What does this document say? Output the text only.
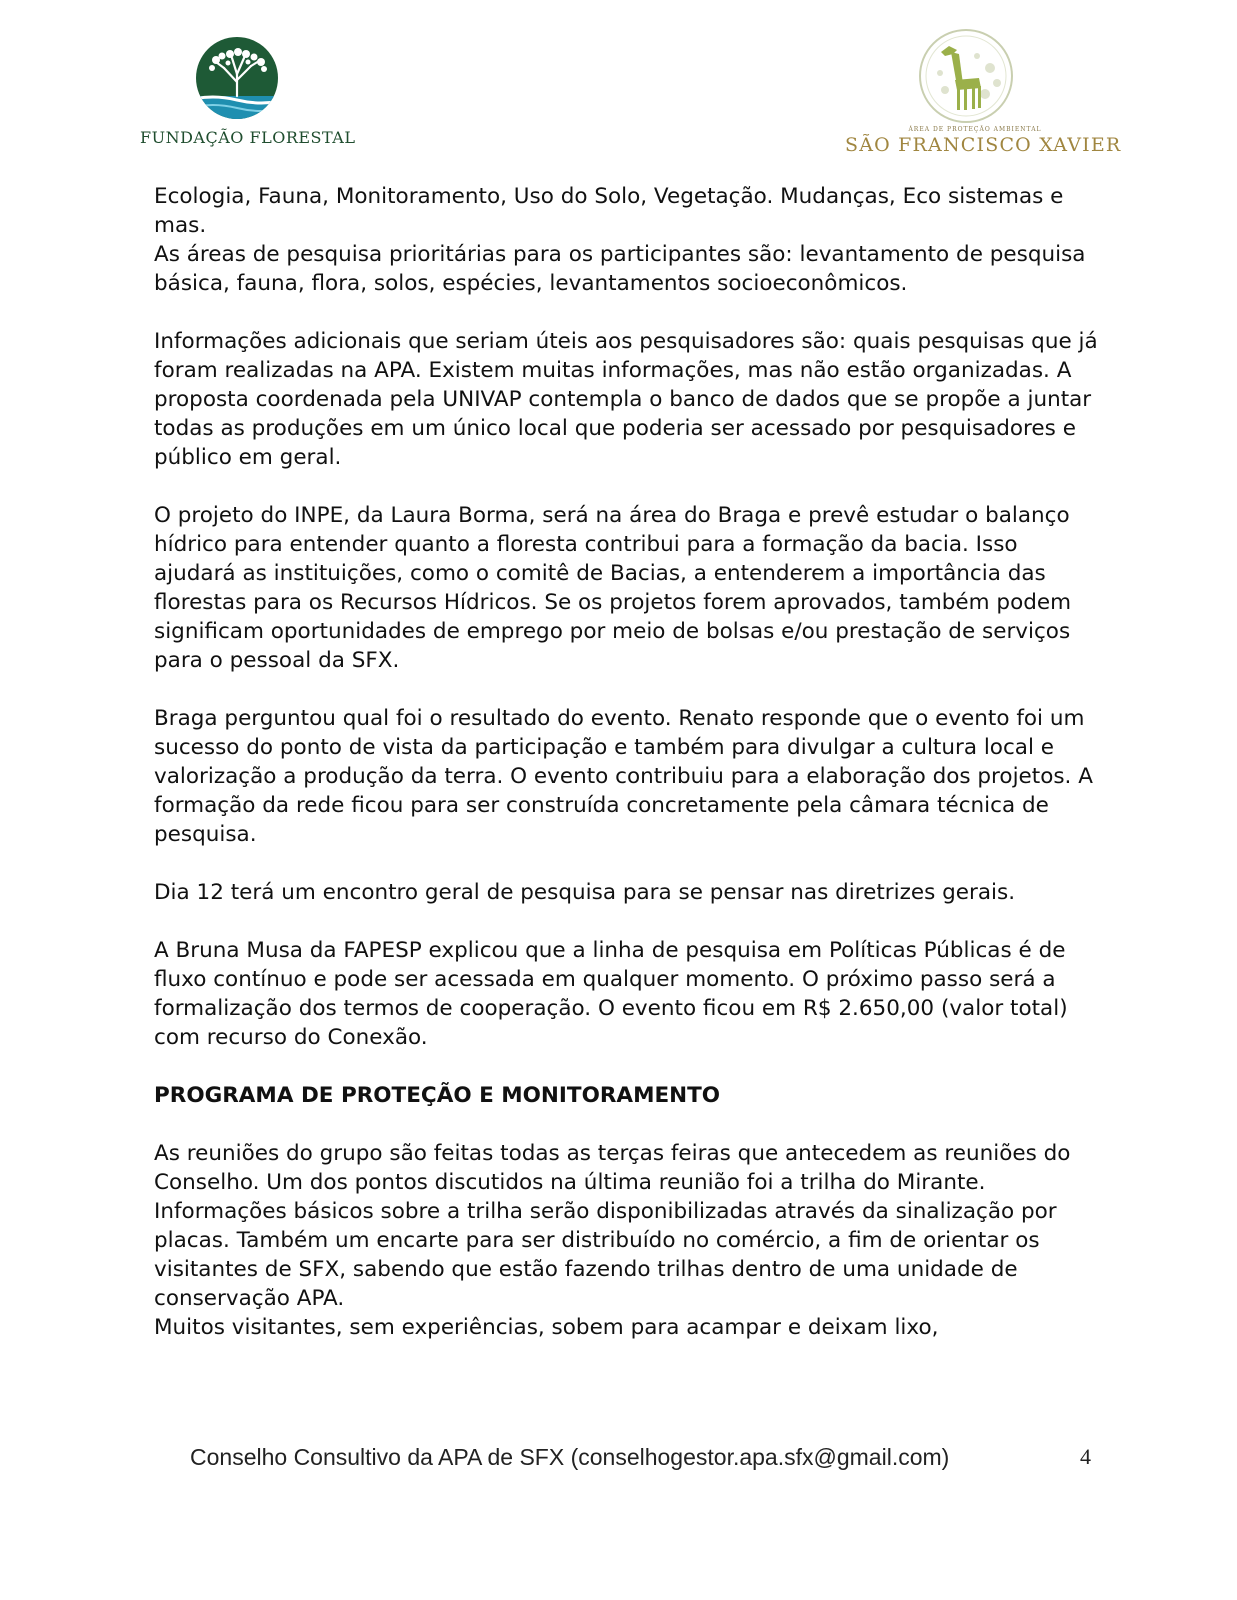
FUNDAÇÃO FLORESTAL	ÁREA DE PROTEÇÃO AMBIENTAL
SÃO FRANCISCO XAVIER

Ecologia, Fauna, Monitoramento, Uso do Solo, Vegetação. Mudanças, Eco sistemas e mas.

As áreas de pesquisa prioritárias para os participantes são: levantamento de pesquisa básica, fauna, flora, solos, espécies, levantamentos socioeconômicos.

Informações adicionais que seriam úteis aos pesquisadores são: quais pesquisas que já foram realizadas na APA. Existem muitas informações, mas não estão organizadas. A proposta coordenada pela UNIVAP contempla o banco de dados que se propõe a juntar todas as produções em um único local que poderia ser acessado por pesquisadores e público em geral.

O projeto do INPE, da Laura Borma, será na área do Braga e prevê estudar o balanço hídrico para entender quanto a floresta contribui para a formação da bacia. Isso ajudará as instituições, como o comitê de Bacias, a entenderem a importância das florestas para os Recursos Hídricos. Se os projetos forem aprovados, também podem significam oportunidades de emprego por meio de bolsas e/ou prestação de serviços para o pessoal da SFX.

Braga perguntou qual foi o resultado do evento. Renato responde que o evento foi um sucesso do ponto de vista da participação e também para divulgar a cultura local e valorização a produção da terra. O evento contribuiu para a elaboração dos projetos. A formação da rede ficou para ser construída concretamente pela câmara técnica de pesquisa.

Dia 12 terá um encontro geral de pesquisa para se pensar nas diretrizes gerais.

A Bruna Musa da FAPESP explicou que a linha de pesquisa em Políticas Públicas é de fluxo contínuo e pode ser acessada em qualquer momento. O próximo passo será a formalização dos termos de cooperação. O evento ficou em R$ 2.650,00 (valor total) com recurso do Conexão.

PROGRAMA DE PROTEÇÃO E MONITORAMENTO

As reuniões do grupo são feitas todas as terças feiras que antecedem as reuniões do Conselho. Um dos pontos discutidos na última reunião foi a trilha do Mirante. Informações básicos sobre a trilha serão disponibilizadas através da sinalização por placas. Também um encarte para ser distribuído no comércio, a fim de orientar os visitantes de SFX, sabendo que estão fazendo trilhas dentro de uma unidade de conservação APA.

Muitos visitantes, sem experiências, sobem para acampar e deixam lixo,

Conselho Consultivo da APA de SFX (conselhogestor.apa.sfx@gmail.com)	4
